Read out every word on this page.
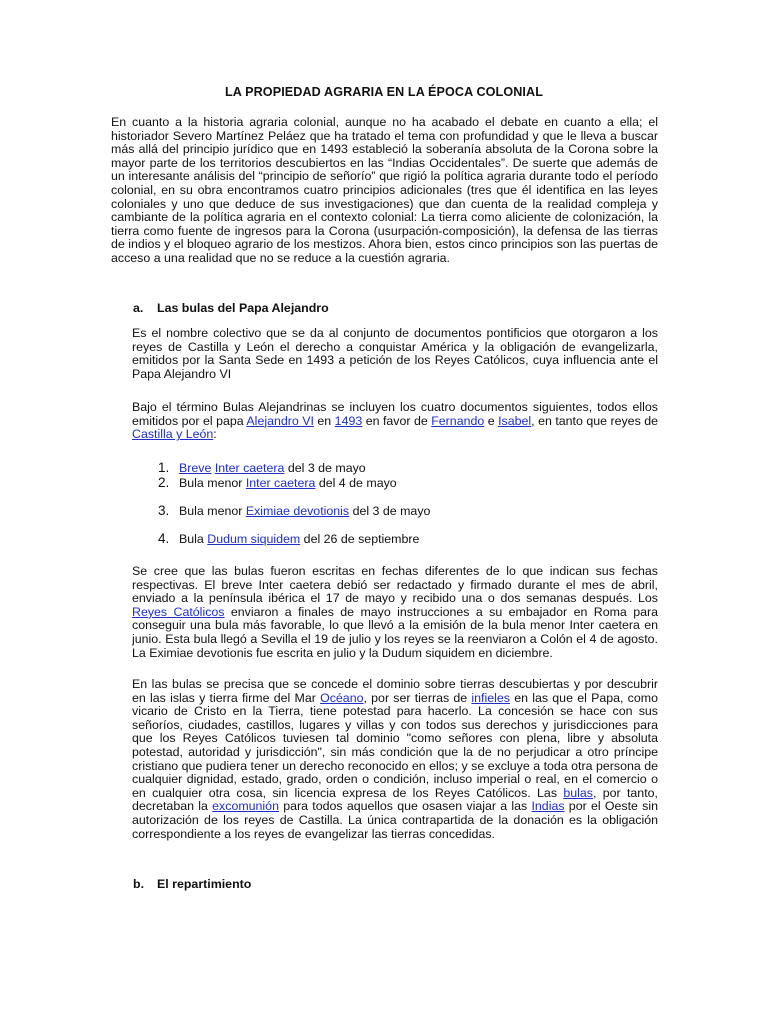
LA PROPIEDAD AGRARIA EN LA ÉPOCA COLONIAL
En cuanto a la historia agraria colonial, aunque no ha acabado el debate en cuanto a ella; el historiador Severo Martínez Peláez que ha tratado el tema con profundidad y que le lleva a buscar más allá del principio jurídico que en 1493 estableció la soberanía absoluta de la Corona sobre la mayor parte de los territorios descubiertos en las “Indias Occidentales”. De suerte que además de un interesante análisis del “principio de señorío” que rigió la política agraria durante todo el período colonial, en su obra encontramos cuatro principios adicionales (tres que él identifica en las leyes coloniales y uno que deduce de sus investigaciones) que dan cuenta de la realidad compleja y cambiante de la política agraria en el contexto colonial: La tierra como aliciente de colonización, la tierra como fuente de ingresos para la Corona (usurpación-composición), la defensa de las tierras de indios y el bloqueo agrario de los mestizos. Ahora bien, estos cinco principios son las puertas de acceso a una realidad que no se reduce a la cuestión agraria.
a. Las bulas del Papa Alejandro
Es el nombre colectivo que se da al conjunto de documentos pontificios que otorgaron a los reyes de Castilla y León el derecho a conquistar América y la obligación de evangelizarla, emitidos por la Santa Sede en 1493 a petición de los Reyes Católicos, cuya influencia ante el Papa Alejandro VI
Bajo el término Bulas Alejandrinas se incluyen los cuatro documentos siguientes, todos ellos emitidos por el papa Alejandro VI en 1493 en favor de Fernando e Isabel, en tanto que reyes de Castilla y León:
1. Breve Inter caetera del 3 de mayo
2. Bula menor Inter caetera del 4 de mayo
3. Bula menor Eximiae devotionis del 3 de mayo
4. Bula Dudum siquidem del 26 de septiembre
Se cree que las bulas fueron escritas en fechas diferentes de lo que indican sus fechas respectivas. El breve Inter caetera debió ser redactado y firmado durante el mes de abril, enviado a la península ibérica el 17 de mayo y recibido una o dos semanas después. Los Reyes Católicos enviaron a finales de mayo instrucciones a su embajador en Roma para conseguir una bula más favorable, lo que llevó a la emisión de la bula menor Inter caetera en junio. Esta bula llegó a Sevilla el 19 de julio y los reyes se la reenviaron a Colón el 4 de agosto. La Eximiae devotionis fue escrita en julio y la Dudum siquidem en diciembre.
En las bulas se precisa que se concede el dominio sobre tierras descubiertas y por descubrir en las islas y tierra firme del Mar Océano, por ser tierras de infieles en las que el Papa, como vicario de Cristo en la Tierra, tiene potestad para hacerlo. La concesión se hace con sus señoríos, ciudades, castillos, lugares y villas y con todos sus derechos y jurisdicciones para que los Reyes Católicos tuviesen tal dominio "como señores con plena, libre y absoluta potestad, autoridad y jurisdicción", sin más condición que la de no perjudicar a otro príncipe cristiano que pudiera tener un derecho reconocido en ellos; y se excluye a toda otra persona de cualquier dignidad, estado, grado, orden o condición, incluso imperial o real, en el comercio o en cualquier otra cosa, sin licencia expresa de los Reyes Católicos. Las bulas, por tanto, decretaban la excomunión para todos aquellos que osasen viajar a las Indias por el Oeste sin autorización de los reyes de Castilla. La única contrapartida de la donación es la obligación correspondiente a los reyes de evangelizar las tierras concedidas.
b. El repartimiento
